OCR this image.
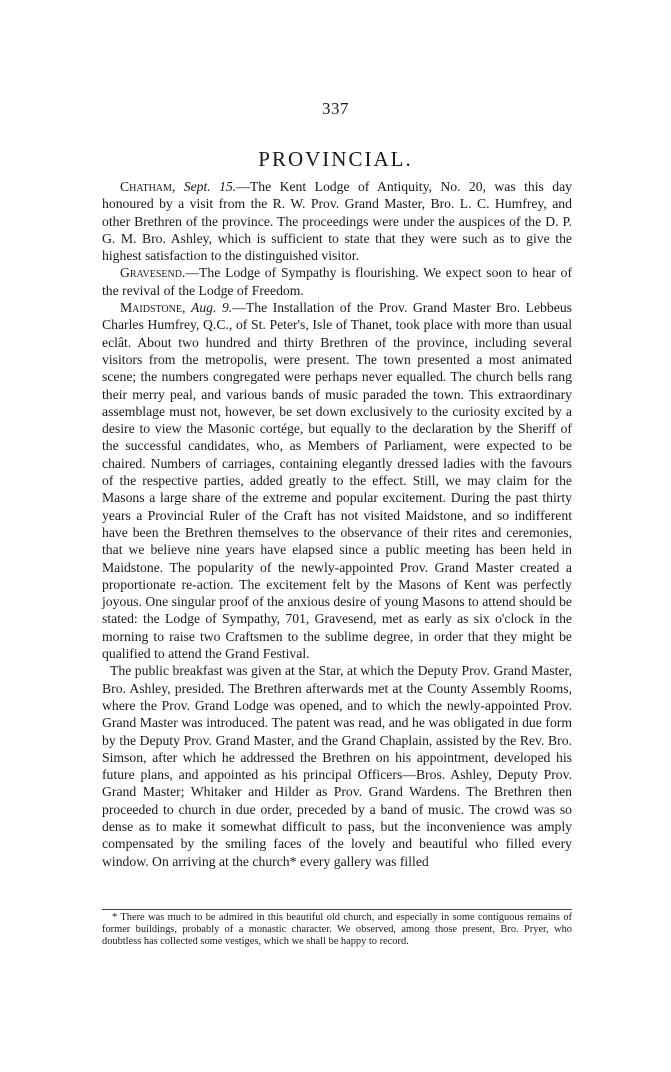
337
PROVINCIAL.

Chatham, Sept. 15.—The Kent Lodge of Antiquity, No. 20, was this day honoured by a visit from the R. W. Prov. Grand Master, Bro. L. C. Humfrey, and other Brethren of the province. The proceedings were under the auspices of the D. P. G. M. Bro. Ashley, which is sufficient to state that they were such as to give the highest satisfaction to the distinguished visitor.

Gravesend.—The Lodge of Sympathy is flourishing. We expect soon to hear of the revival of the Lodge of Freedom.

Maidstone, Aug. 9.—The Installation of the Prov. Grand Master Bro. Lebbeus Charles Humfrey, Q.C., of St. Peter's, Isle of Thanet, took place with more than usual eclât. About two hundred and thirty Brethren of the province, including several visitors from the metropolis, were present. The town presented a most animated scene; the numbers congregated were perhaps never equalled. The church bells rang their merry peal, and various bands of music paraded the town. This extraordinary assemblage must not, however, be set down exclusively to the curiosity excited by a desire to view the Masonic cortége, but equally to the declaration by the Sheriff of the successful candidates, who, as Members of Parliament, were expected to be chaired. Numbers of carriages, containing elegantly dressed ladies with the favours of the respective parties, added greatly to the effect. Still, we may claim for the Masons a large share of the extreme and popular excitement. During the past thirty years a Provincial Ruler of the Craft has not visited Maidstone, and so indifferent have been the Brethren themselves to the observance of their rites and ceremonies, that we believe nine years have elapsed since a public meeting has been held in Maidstone. The popularity of the newly-appointed Prov. Grand Master created a proportionate re-action. The excitement felt by the Masons of Kent was perfectly joyous. One singular proof of the anxious desire of young Masons to attend should be stated: the Lodge of Sympathy, 701, Gravesend, met as early as six o'clock in the morning to raise two Craftsmen to the sublime degree, in order that they might be qualified to attend the Grand Festival.

The public breakfast was given at the Star, at which the Deputy Prov. Grand Master, Bro. Ashley, presided. The Brethren afterwards met at the County Assembly Rooms, where the Prov. Grand Lodge was opened, and to which the newly-appointed Prov. Grand Master was introduced. The patent was read, and he was obligated in due form by the Deputy Prov. Grand Master, and the Grand Chaplain, assisted by the Rev. Bro. Simson, after which he addressed the Brethren on his appointment, developed his future plans, and appointed as his principal Officers—Bros. Ashley, Deputy Prov. Grand Master; Whitaker and Hilder as Prov. Grand Wardens. The Brethren then proceeded to church in due order, preceded by a band of music. The crowd was so dense as to make it somewhat difficult to pass, but the inconvenience was amply compensated by the smiling faces of the lovely and beautiful who filled every window. On arriving at the church* every gallery was filled

* There was much to be admired in this beautiful old church, and especially in some contiguous remains of former buildings, probably of a monastic character. We observed, among those present, Bro. Pryer, who doubtless has collected some vestiges, which we shall be happy to record.
